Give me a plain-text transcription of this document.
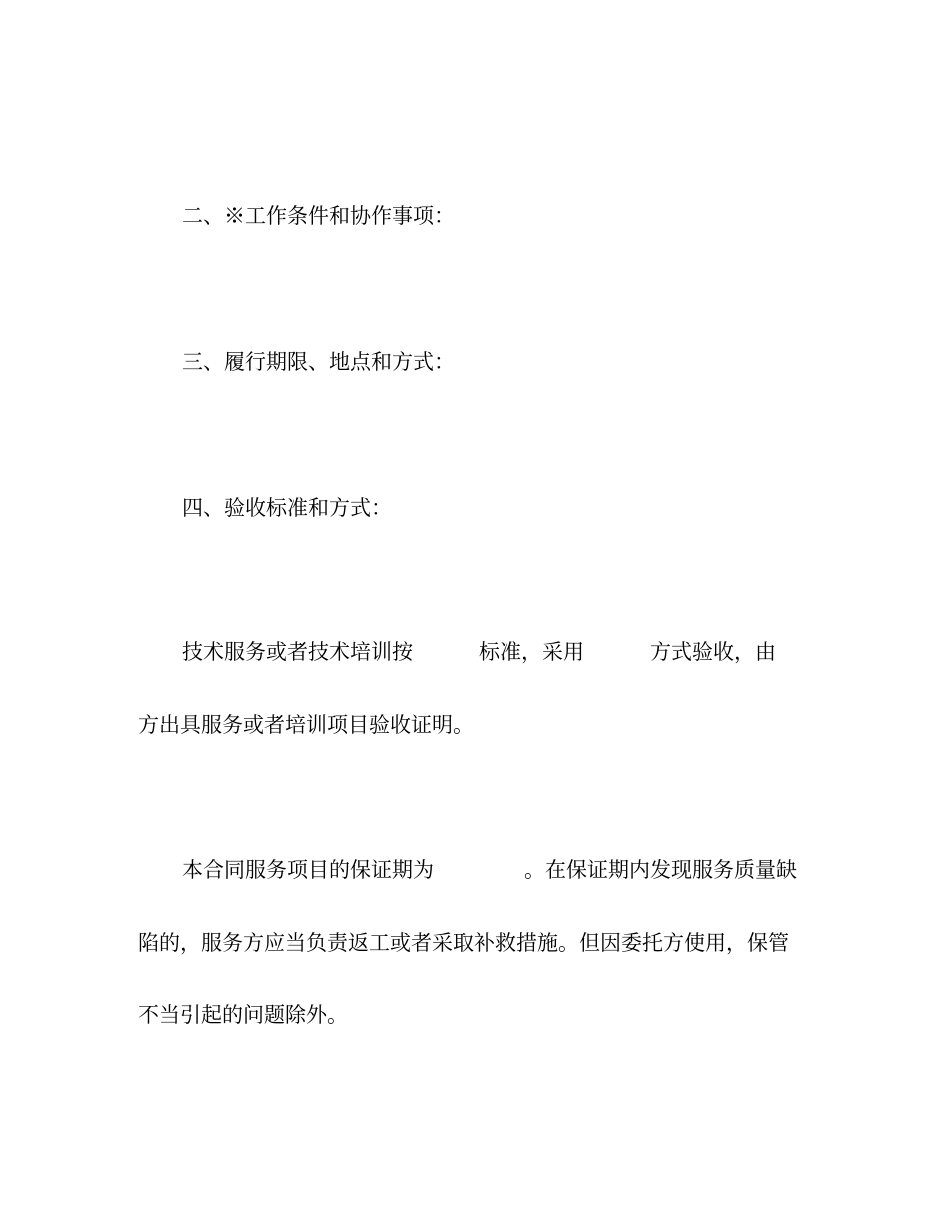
二、※工作条件和协作事项：
三、履行期限、地点和方式：
四、验收标准和方式：
技术服务或者技术培训按	标准，采用	方式验收，由
方出具服务或者培训项目验收证明。
本合同服务项目的保证期为	。在保证期内发现服务质量缺
陷的，服务方应当负责返工或者采取补救措施。但因委托方使用，保管
不当引起的问题除外。
